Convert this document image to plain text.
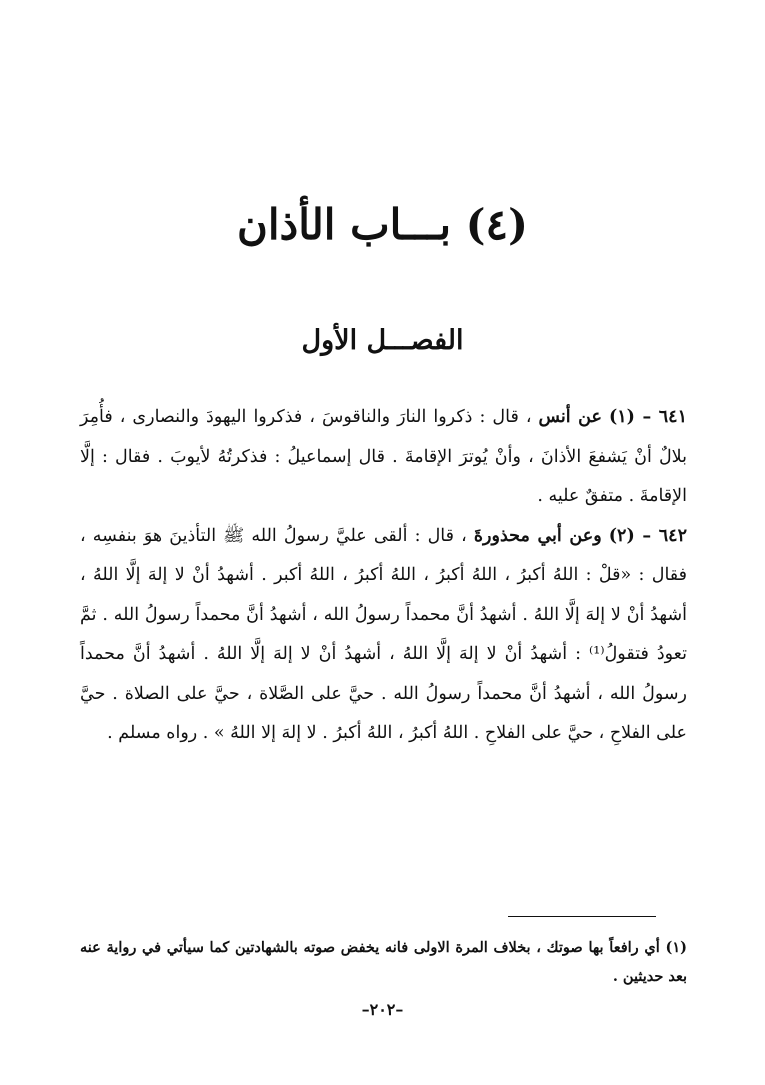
(٤) بـــاب الأذان
الفصـــل الأول

٦٤١ – (١) عن أنس ، قال : ذكروا النارَ والناقوسَ ، فذكروا اليهودَ والنصارى ، فأُمِرَ بلالٌ أنْ يَشفعَ الأذانَ ، وأنْ يُوترَ الإقامةَ . قال إسماعيلُ : فذكرتُهُ لأيوبَ . فقال : إلَّا الإقامةَ . متفقٌ عليه .

٦٤٢ – (٢) وعن أبي محذورةَ ، قال : ألقى عليَّ رسولُ الله ﷺ التأذينَ هوَ بنفسِه ، فقال : «قلْ : اللهُ أكبرُ ، اللهُ أكبرُ ، اللهُ أكبرُ ، اللهُ أكبر . أشهدُ أنْ لا إلهَ إلَّا اللهُ ، أشهدُ أنْ لا إلهَ إلَّا اللهُ . أشهدُ أنَّ محمداً رسولُ الله ، أشهدُ أنَّ محمداً رسولُ الله . ثمَّ تعودُ فتقولُ⁽¹⁾ : أشهدُ أنْ لا إلهَ إلَّا اللهُ ، أشهدُ أنْ لا إلهَ إلَّا اللهُ . أشهدُ أنَّ محمداً رسولُ الله ، أشهدُ أنَّ محمداً رسولُ الله . حيَّ على الصَّلاة ، حيَّ على الصلاة . حيَّ على الفلاحِ ، حيَّ على الفلاحِ . اللهُ أكبرُ ، اللهُ أكبرُ . لا إلهَ إلا اللهُ » . رواه مسلم .

(١) أي رافعاً بها صوتك ، بخلاف المرة الاولى فانه يخفض صوته بالشهادتين كما سيأتي في رواية عنه بعد حديثين .
–٢٠٢–
